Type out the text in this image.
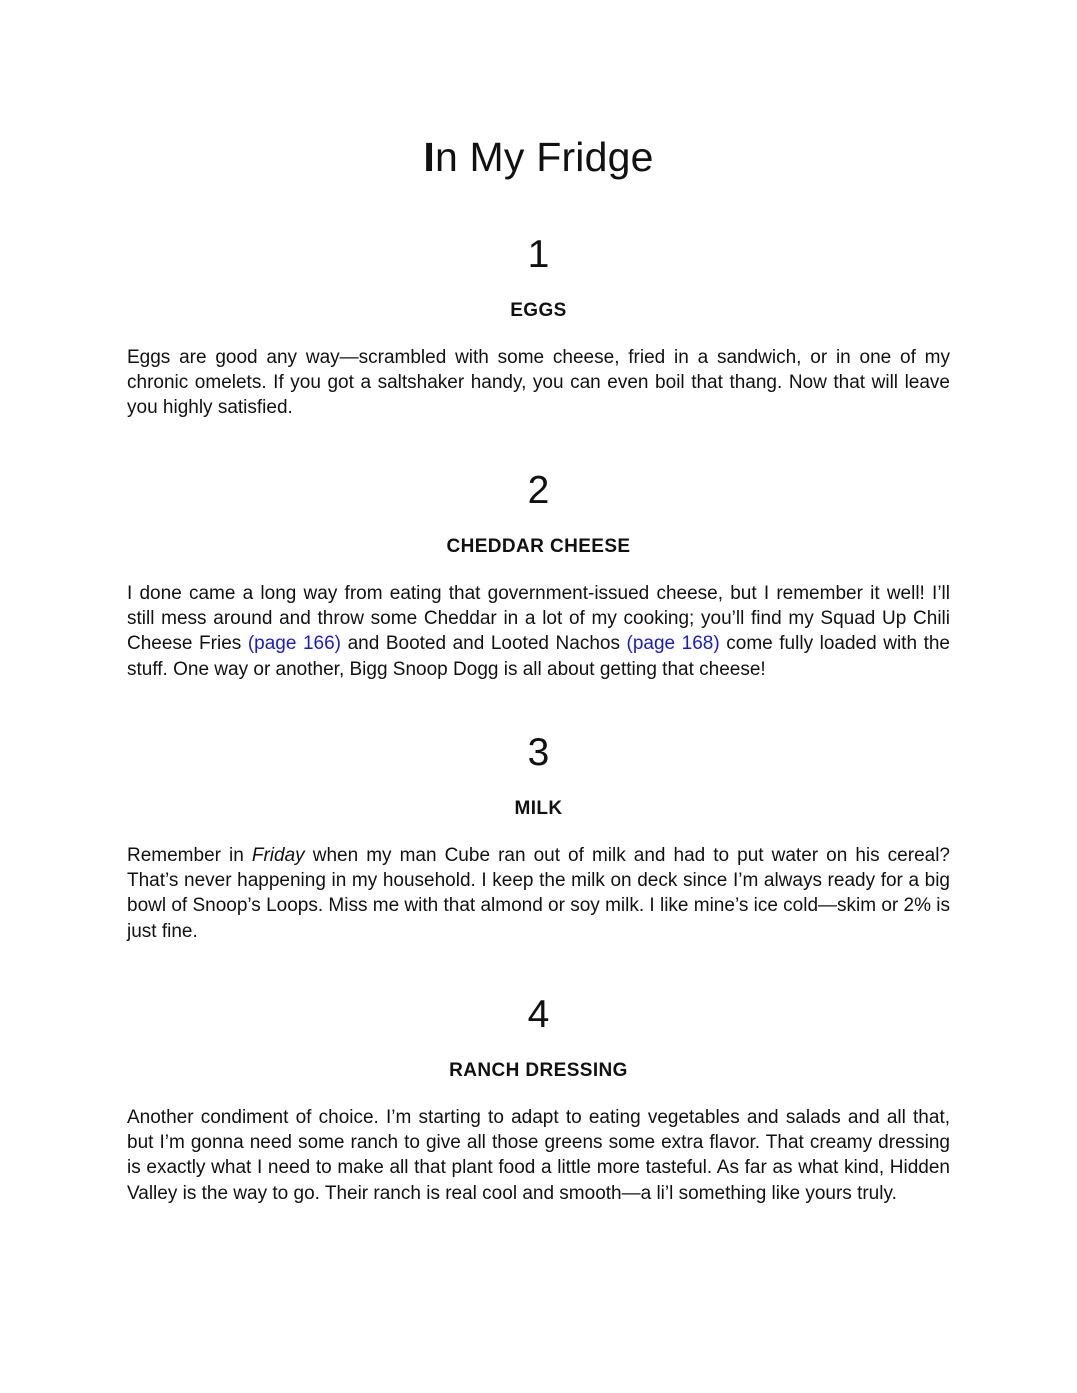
In My Fridge

1

EGGS

Eggs are good any way—scrambled with some cheese, fried in a sandwich, or in one of my chronic omelets. If you got a saltshaker handy, you can even boil that thang. Now that will leave you highly satisfied.

2

CHEDDAR CHEESE

I done came a long way from eating that government-issued cheese, but I remember it well! I’ll still mess around and throw some Cheddar in a lot of my cooking; you’ll find my Squad Up Chili Cheese Fries (page 166) and Booted and Looted Nachos (page 168) come fully loaded with the stuff. One way or another, Bigg Snoop Dogg is all about getting that cheese!

3

MILK

Remember in Friday when my man Cube ran out of milk and had to put water on his cereal? That’s never happening in my household. I keep the milk on deck since I’m always ready for a big bowl of Snoop’s Loops. Miss me with that almond or soy milk. I like mine’s ice cold—skim or 2% is just fine.

4

RANCH DRESSING

Another condiment of choice. I’m starting to adapt to eating vegetables and salads and all that, but I’m gonna need some ranch to give all those greens some extra flavor. That creamy dressing is exactly what I need to make all that plant food a little more tasteful. As far as what kind, Hidden Valley is the way to go. Their ranch is real cool and smooth—a li’l something like yours truly.
